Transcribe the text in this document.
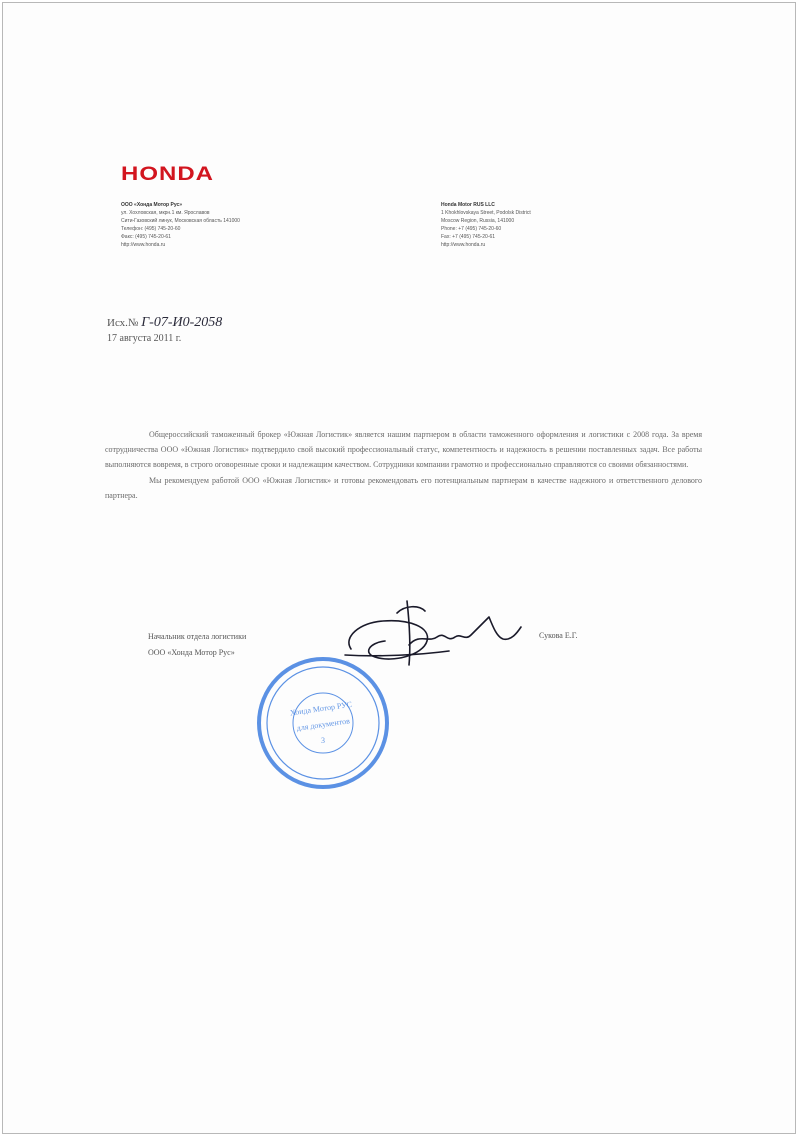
HONDA
ООО «Хонда Мотор Рус»
ул. Хохловская, мкрн.1 км. Ярославов
Сити-Газовский линук, Московская область 141000
Телефон: (495) 745-20-60
Факс: (495) 745-20-61
http://www.honda.ru
Honda Motor RUS LLC
1 Khokhlovskaya Street, Podolsk District
Moscow Region, Russia, 141000
Phone: +7 (495) 745-20-60
Fax: +7 (495) 745-20-61
http://www.honda.ru
Исх.№ Г-07-И0-2058
17 августа 2011 г.

Общероссийский таможенный брокер «Южная Логистик» является нашим партнером в области таможенного оформления и логистики с 2008 года. За время сотрудничества ООО «Южная Логистик» подтвердило свой высокий профессиональный статус, компетентность и надежность в решении поставленных задач. Все работы выполняются вовремя, в строго оговоренные сроки и надлежащим качеством. Сотрудники компании грамотно и профессионально справляются со своими обязанностями.

Мы рекомендуем работой ООО «Южная Логистик» и готовы рекомендовать его потенциальным партнерам в качестве надежного и ответственного делового партнера.

Начальник отдела логистики
ООО «Хонда Мотор Рус»
Сукова Е.Г.
Хонда Мотор РУС
для документов
3
